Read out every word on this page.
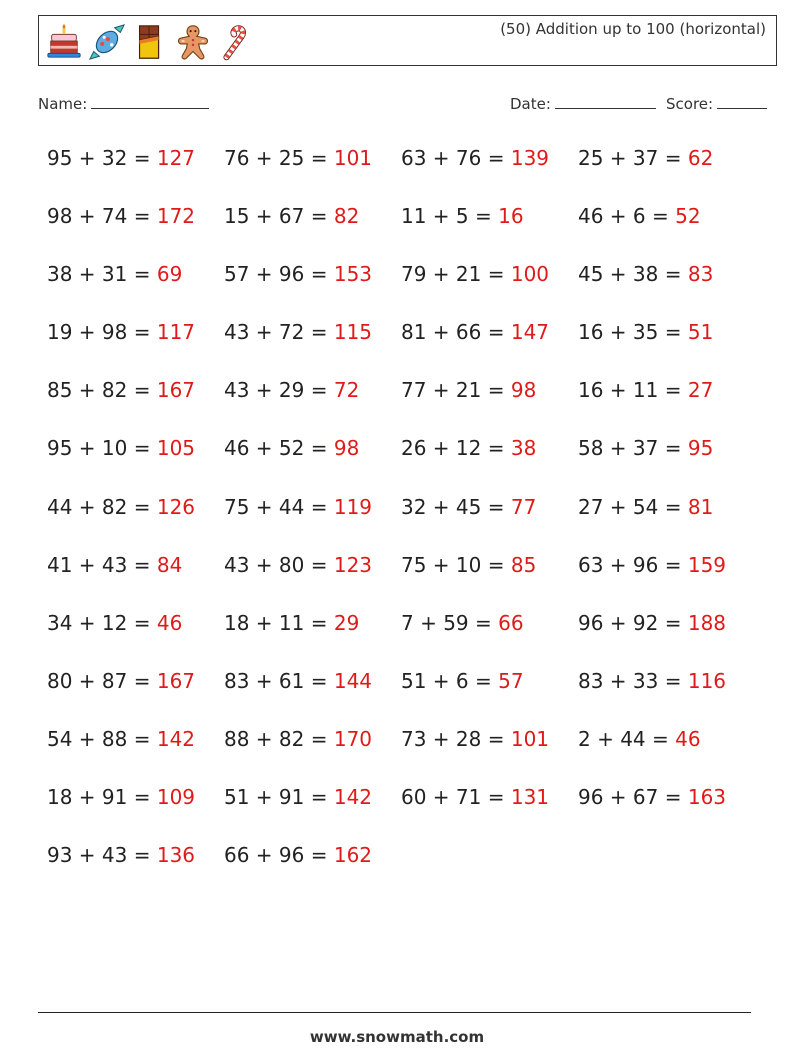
(50) Addition up to 100 (horizontal)
Name:	Date:	Score:
95 + 32 = 127 76 + 25 = 101 63 + 76 = 139 25 + 37 = 62
98 + 74 = 172 15 + 67 = 82 11 + 5 = 16	46 + 6 = 52
38 + 31 = 69 57 + 96 = 153 79 + 21 = 100 45 + 38 = 83
19 + 98 = 117 43 + 72 = 115 81 + 66 = 147 16 + 35 = 51
85 + 82 = 167 43 + 29 = 72 77 + 21 = 98 16 + 11 = 27
95 + 10 = 105 46 + 52 = 98 26 + 12 = 38 58 + 37 = 95
44 + 82 = 126 75 + 44 = 119 32 + 45 = 77 27 + 54 = 81
41 + 43 = 84 43 + 80 = 123 75 + 10 = 85 63 + 96 = 159
34 + 12 = 46 18 + 11 = 29 7 + 59 = 66	96 + 92 = 188
80 + 87 = 167 83 + 61 = 144 51 + 6 = 57	83 + 33 = 116
54 + 88 = 142 88 + 82 = 170 73 + 28 = 101 2 + 44 = 46
18 + 91 = 109 51 + 91 = 142 60 + 71 = 131 96 + 67 = 163
93 + 43 = 136 66 + 96 = 162
www.snowmath.com
